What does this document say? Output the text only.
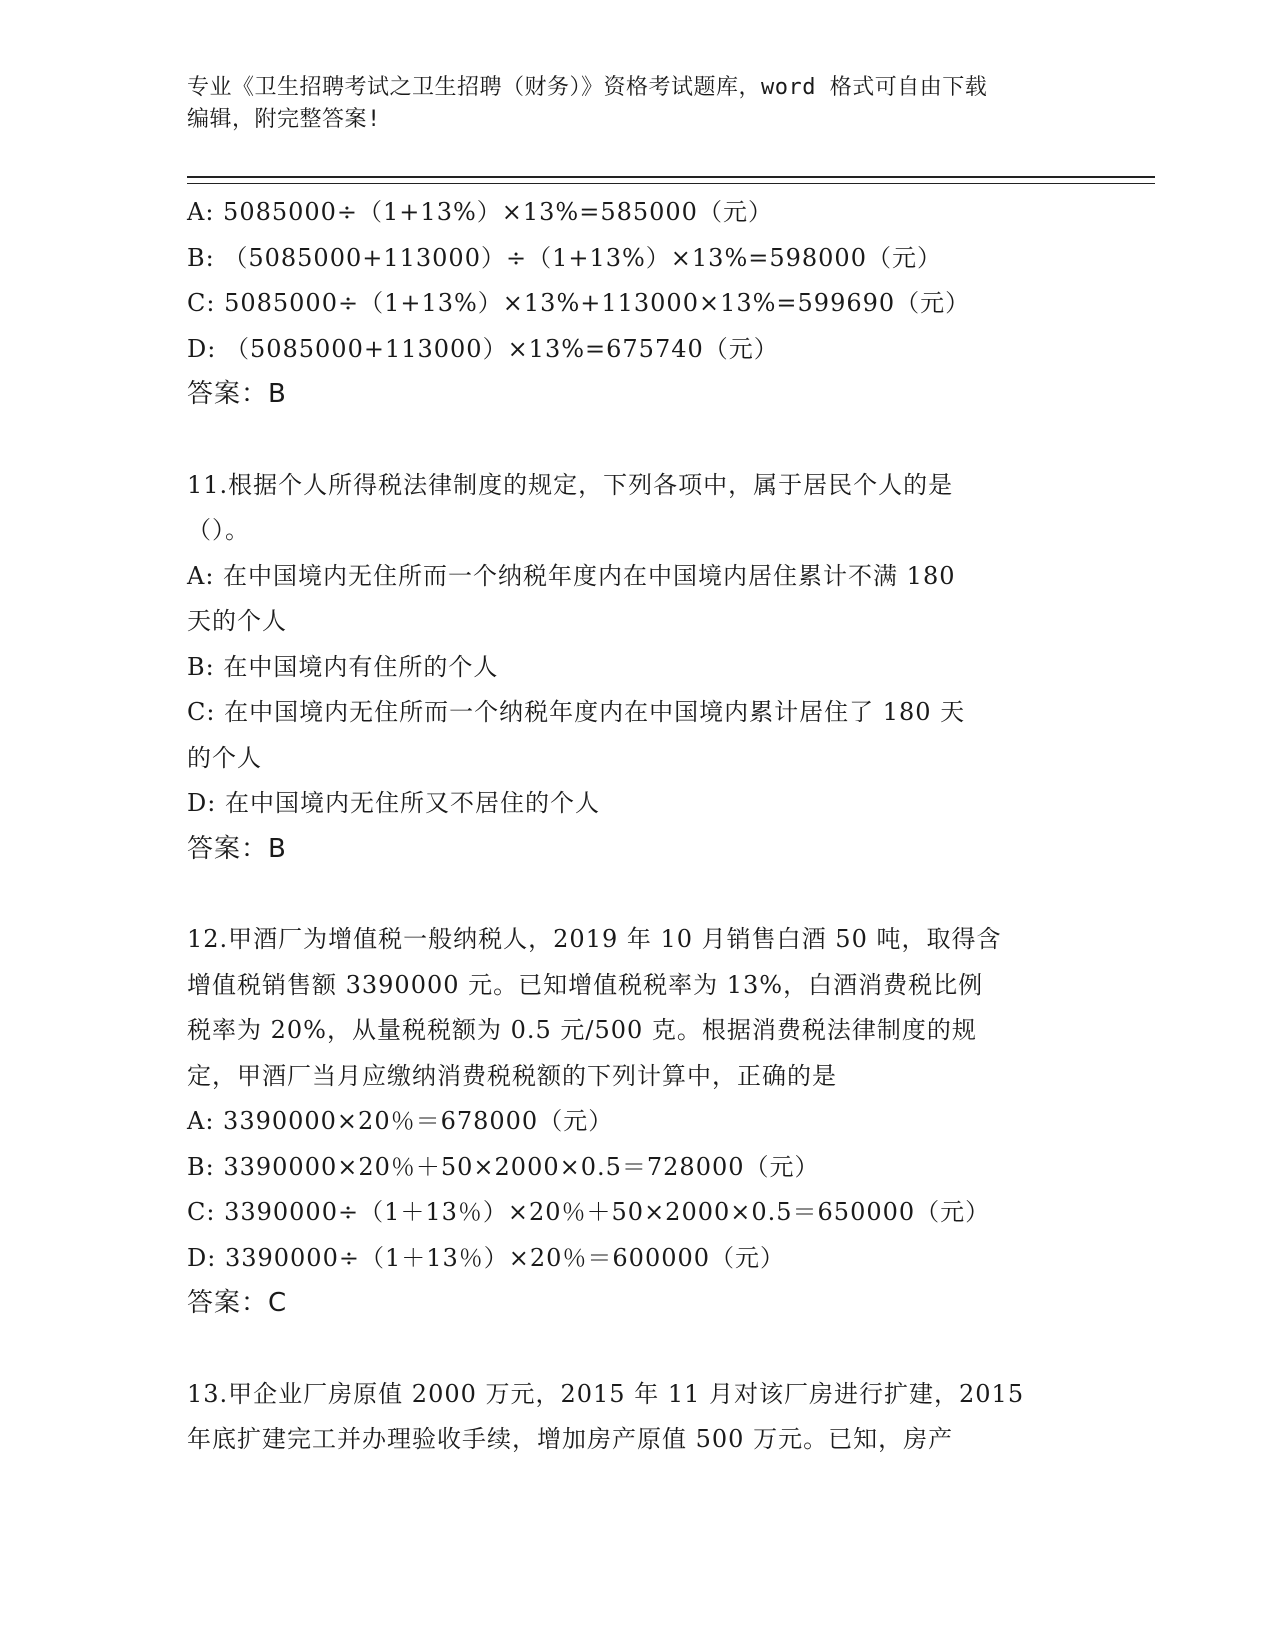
专业《卫生招聘考试之卫生招聘（财务）》资格考试题库，word 格式可自由下载
编辑，附完整答案!
A: 5085000÷（1+13%）×13%=585000（元）
B: （5085000+113000）÷（1+13%）×13%=598000（元）
C: 5085000÷（1+13%）×13%+113000×13%=599690（元）
D: （5085000+113000）×13%=675740（元）
答案：B
11.根据个人所得税法律制度的规定，下列各项中，属于居民个人的是
（）。
A: 在中国境内无住所而一个纳税年度内在中国境内居住累计不满 180
天的个人
B: 在中国境内有住所的个人
C: 在中国境内无住所而一个纳税年度内在中国境内累计居住了 180 天
的个人
D: 在中国境内无住所又不居住的个人
答案：B
12.甲酒厂为增值税一般纳税人，2019 年 10 月销售白酒 50 吨，取得含
增值税销售额 3390000 元。已知增值税税率为 13%，白酒消费税比例
税率为 20%，从量税税额为 0.5 元/500 克。根据消费税法律制度的规
定，甲酒厂当月应缴纳消费税税额的下列计算中，正确的是
A: 3390000×20％＝678000（元）
B: 3390000×20％＋50×2000×0.5＝728000（元）
C: 3390000÷（1＋13％）×20％＋50×2000×0.5＝650000（元）
D: 3390000÷（1＋13％）×20％＝600000（元）
答案：C
13.甲企业厂房原值 2000 万元，2015 年 11 月对该厂房进行扩建，2015
年底扩建完工并办理验收手续，增加房产原值 500 万元。已知，房产
